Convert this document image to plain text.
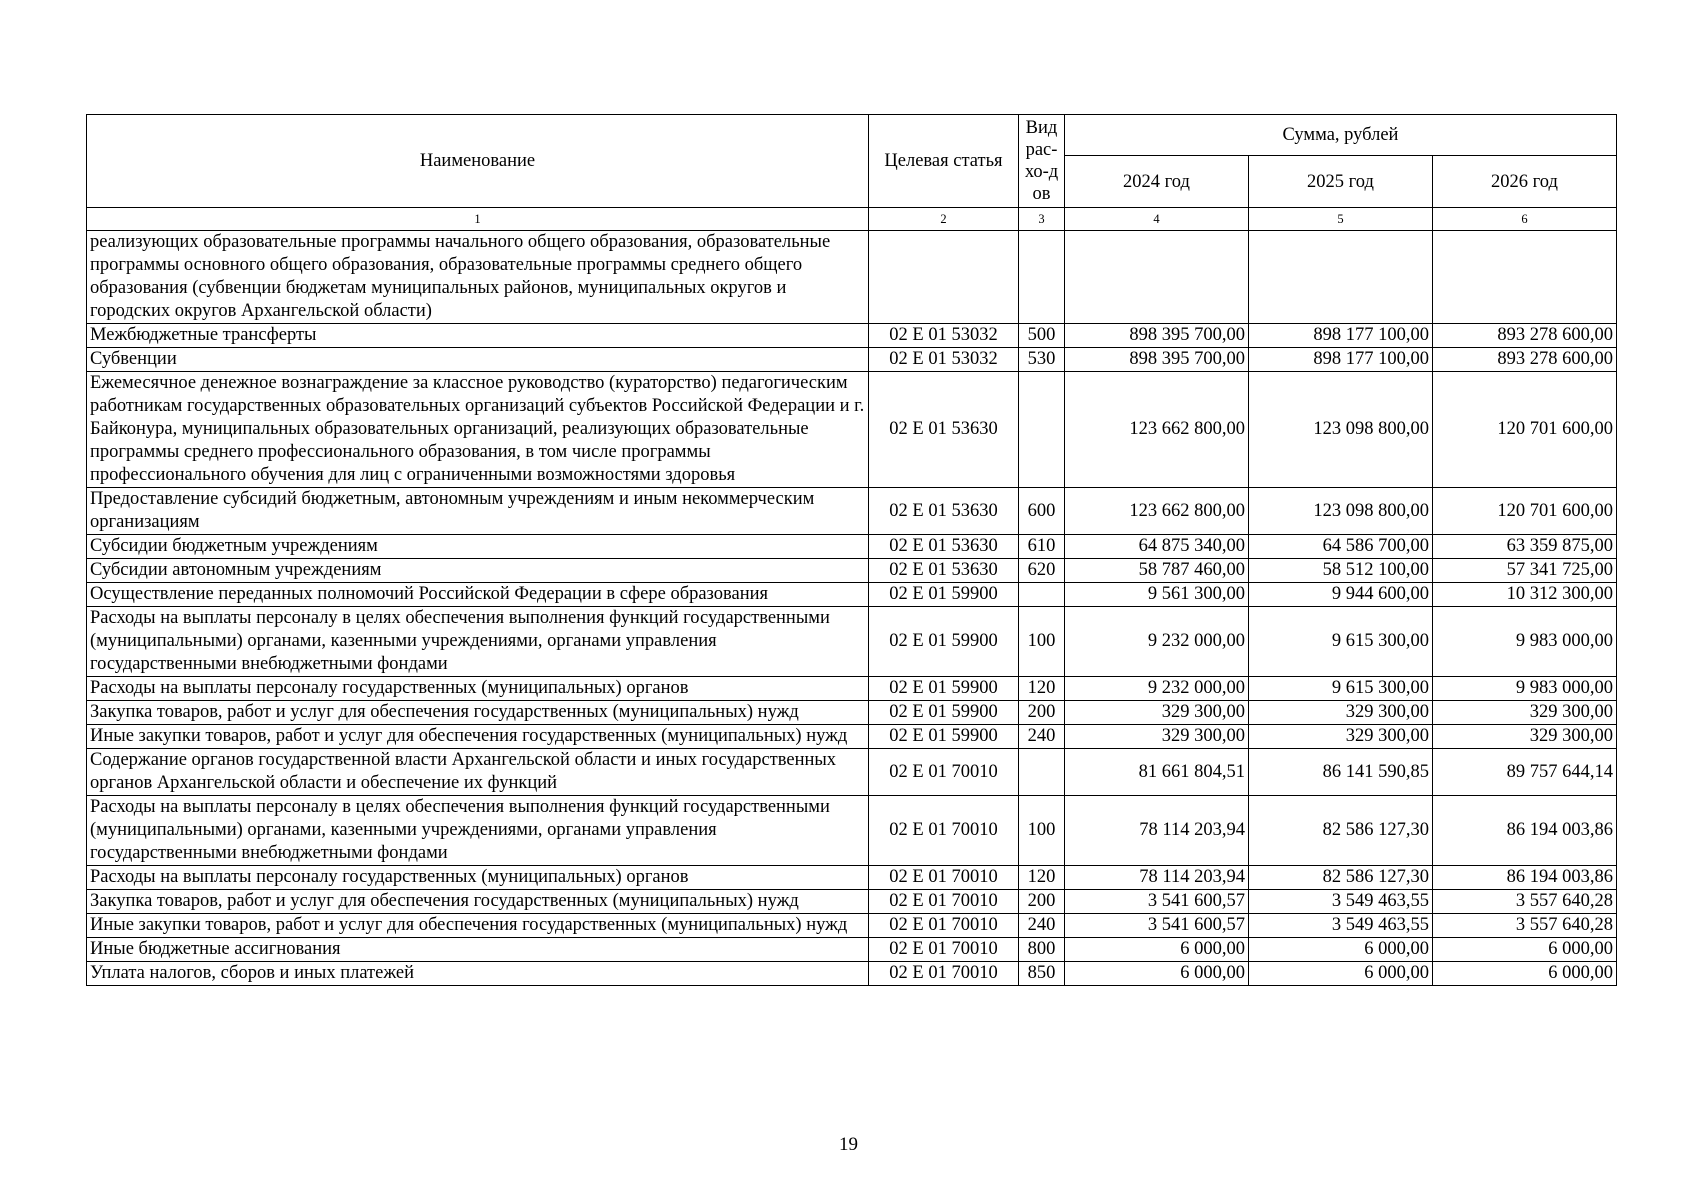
Наименование	Целевая статья	Вид рас-хо-дов	Сумма, рублей		
			2024 год	2025 год	2026 год
1	2	3	4	5	6
реализующих образовательные программы начального общего образования, образовательные программы основного общего образования, образовательные программы среднего общего образования (субвенции бюджетам муниципальных районов, муниципальных округов и городских округов Архангельской области)					
Межбюджетные трансферты	02 Е 01 53032	500	898 395 700,00	898 177 100,00	893 278 600,00
Субвенции	02 Е 01 53032	530	898 395 700,00	898 177 100,00	893 278 600,00
Ежемесячное денежное вознаграждение за классное руководство (кураторство) педагогическим работникам государственных образовательных организаций субъектов Российской Федерации и г. Байконура, муниципальных образовательных организаций, реализующих образовательные программы среднего профессионального образования, в том числе программы профессионального обучения для лиц с ограниченными возможностями здоровья	02 Е 01 53630		123 662 800,00	123 098 800,00	120 701 600,00
Предоставление субсидий бюджетным, автономным учреждениям и иным некоммерческим организациям	02 Е 01 53630	600	123 662 800,00	123 098 800,00	120 701 600,00
Субсидии бюджетным учреждениям	02 Е 01 53630	610	64 875 340,00	64 586 700,00	63 359 875,00
Субсидии автономным учреждениям	02 Е 01 53630	620	58 787 460,00	58 512 100,00	57 341 725,00
Осуществление переданных полномочий Российской Федерации в сфере образования	02 Е 01 59900		9 561 300,00	9 944 600,00	10 312 300,00
Расходы на выплаты персоналу в целях обеспечения выполнения функций государственными (муниципальными) органами, казенными учреждениями, органами управления государственными внебюджетными фондами	02 Е 01 59900	100	9 232 000,00	9 615 300,00	9 983 000,00
Расходы на выплаты персоналу государственных (муниципальных) органов	02 Е 01 59900	120	9 232 000,00	9 615 300,00	9 983 000,00
Закупка товаров, работ и услуг для обеспечения государственных (муниципальных) нужд	02 Е 01 59900	200	329 300,00	329 300,00	329 300,00
Иные закупки товаров, работ и услуг для обеспечения государственных (муниципальных) нужд	02 Е 01 59900	240	329 300,00	329 300,00	329 300,00
Содержание органов государственной власти Архангельской области и иных государственных органов Архангельской области и обеспечение их функций	02 Е 01 70010		81 661 804,51	86 141 590,85	89 757 644,14
Расходы на выплаты персоналу в целях обеспечения выполнения функций государственными (муниципальными) органами, казенными учреждениями, органами управления государственными внебюджетными фондами	02 Е 01 70010	100	78 114 203,94	82 586 127,30	86 194 003,86
Расходы на выплаты персоналу государственных (муниципальных) органов	02 Е 01 70010	120	78 114 203,94	82 586 127,30	86 194 003,86
Закупка товаров, работ и услуг для обеспечения государственных (муниципальных) нужд	02 Е 01 70010	200	3 541 600,57	3 549 463,55	3 557 640,28
Иные закупки товаров, работ и услуг для обеспечения государственных (муниципальных) нужд	02 Е 01 70010	240	3 541 600,57	3 549 463,55	3 557 640,28
Иные бюджетные ассигнования	02 Е 01 70010	800	6 000,00	6 000,00	6 000,00
Уплата налогов, сборов и иных платежей	02 Е 01 70010	850	6 000,00	6 000,00	6 000,00
19
